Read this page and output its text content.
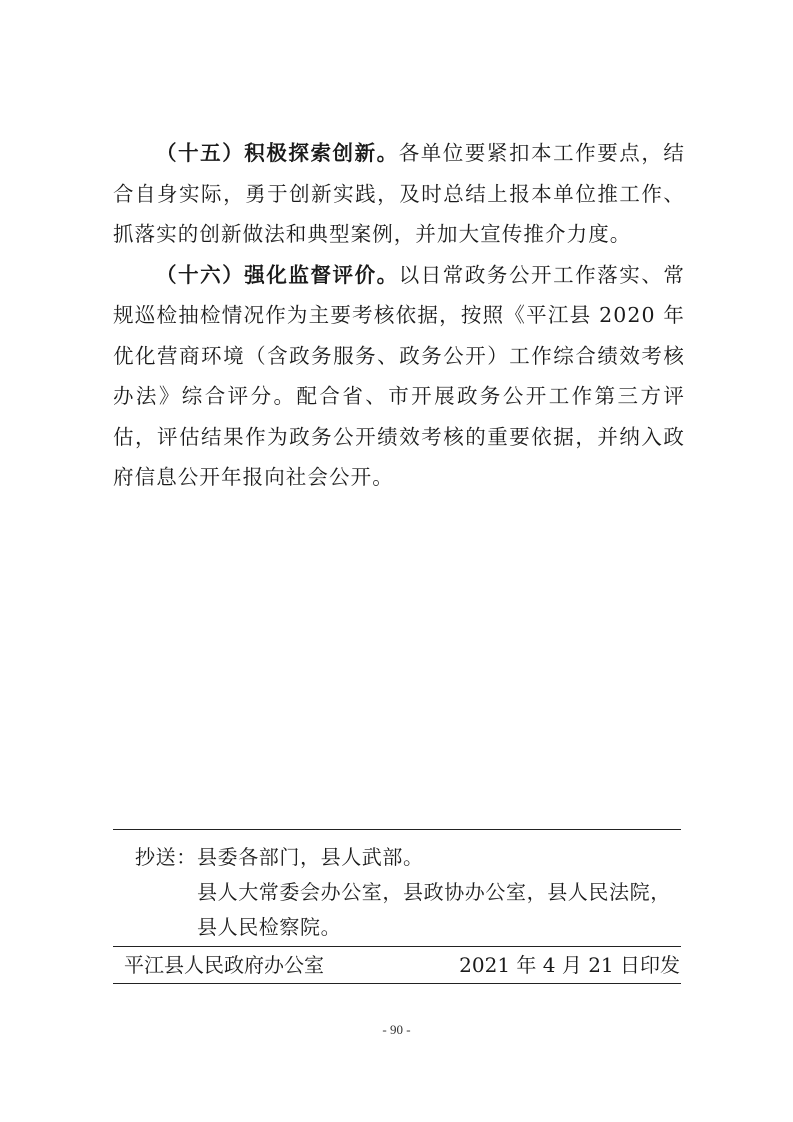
（十五）积极探索创新。各单位要紧扣本工作要点，结合自身实际，勇于创新实践，及时总结上报本单位推工作、抓落实的创新做法和典型案例，并加大宣传推介力度。

（十六）强化监督评价。以日常政务公开工作落实、常规巡检抽检情况作为主要考核依据，按照《平江县 2020 年优化营商环境（含政务服务、政务公开）工作综合绩效考核办法》综合评分。配合省、市开展政务公开工作第三方评估，评估结果作为政务公开绩效考核的重要依据，并纳入政府信息公开年报向社会公开。

抄送： 县委各部门，县人武部。
县人大常委会办公室，县政协办公室，县人民法院，
县人民检察院。
平江县人民政府办公室	2021 年 4 月 21 日印发
- 90 -
